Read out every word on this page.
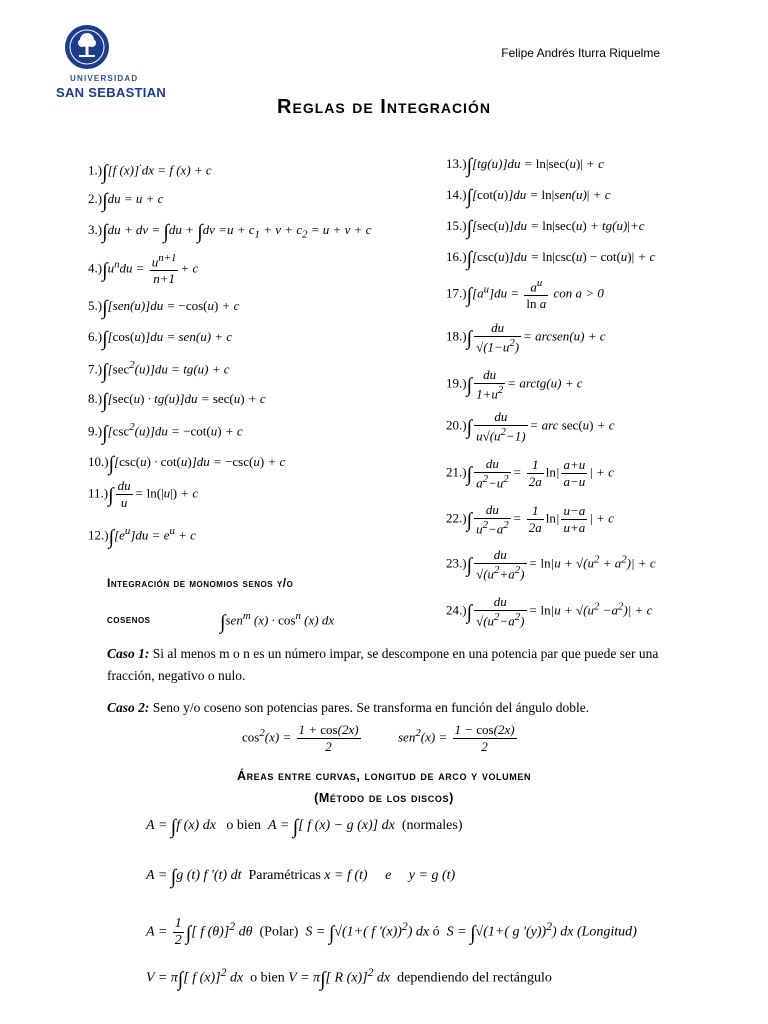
UNIVERSIDAD
SAN SEBASTIAN
Felipe Andrés Iturra Riquelme
Reglas de Integración
1.)∫[f (x)]·dx = f (x) + c
2.)∫du = u + c
3.)∫du + dv = $\int du + \int dv =u + c_1 + v + c_2 = u + v + c$
$4.)\int u^ndu = \frac{u^{n+1}}{n+1} + c$
5.)∫[sen(u)]du = −cos(u) + c
6.)∫[cos(u)]du = sen(u) + c
$7.)\int[\sec^2(u)]du = tg(u) + c$
8.)∫[sec(u) · tg(u)]du = sec(u) + c
$9.)\int[\csc^2(u)]du = -\cot(u) + c$
10.)∫[csc(u) · cot(u)]du = −csc(u) + c
$11.)\int \frac{du}{u} = \ln(|u|) + c$
$12.)\int[e^u]du = e^u + c$
13.)∫[tg(u)]du = ln|sec(u)| + c
14.)∫[cot(u)]du = ln|sen(u)| + c
15.)∫[sec(u)]du = ln|sec(u) + tg(u)|+c
16.)∫[csc(u)]du = ln|csc(u) − cot(u)| + c
$17.)\int[a^u]du = \frac{a^u}{\text{ln a}}$ con a > 0
$18.)\int \frac{du}{√(1-u^2)}$ = arcsen(u) + c
$19.)\int \frac{du}{1+u^2}$ = arctg(u) + c
$20.)\int \frac{du}{u√(u^2-1)}$ = arc sec(u) + c
$21.)\int \frac{du}{a^2-u^2} = \frac{1}{2a} \ln| \frac{a+u}{a-u}$ | + c
$22.)\int \frac{du}{u^2-a^2} = \frac{1}{2a} \ln| \frac{u-a}{u+a}$ | + c
$23.)\int \frac{du}{√(u^2+a^2)} = \ln|u + √(u^2 + a^2)| + c$
$24.)\int \frac{du}{√(u^2-a^2)} = \ln|u + √(u^2 -a^2)| + c$
Integración de monomios senos y/o
cosenos	∫sen$^m$ $(x) \cdot \cos^n (x)$ dx
Caso 1: Si al menos m o n es un número impar, se descompone en una potencia par que puede ser una fracción, negativo o nulo.
Caso 2: Seno y/o coseno son potencias pares. Se transforma en función del ángulo doble.
$\cos^2(x) = \frac{1 + \cos(2x)}{2}$	$sen^2(x) = \frac{1 - \cos(2x)}{2}$
Áreas entre curvas, longitud de arco y volumen
(Método de los discos)
A = ∫f (x) dx o bien A = ∫[ f (x) − g (x)] dx (normales)
A = ∫g (t) f '(t) dt Paramétricas x = f (t)     e y = g (t)
$A = \frac{1}{2}$ ∫[ f (θ)]$^2$ dθ (Polar) S = ∫√(1+( f '(x))$^2$) dx ó S = ∫√(1+( g '(y))$^2$) dx (Longitud)
V = π∫[ f (x)]$^2$ dx o bien V = π∫[ R (x)]$^2$ dx dependiendo del rectángulo
